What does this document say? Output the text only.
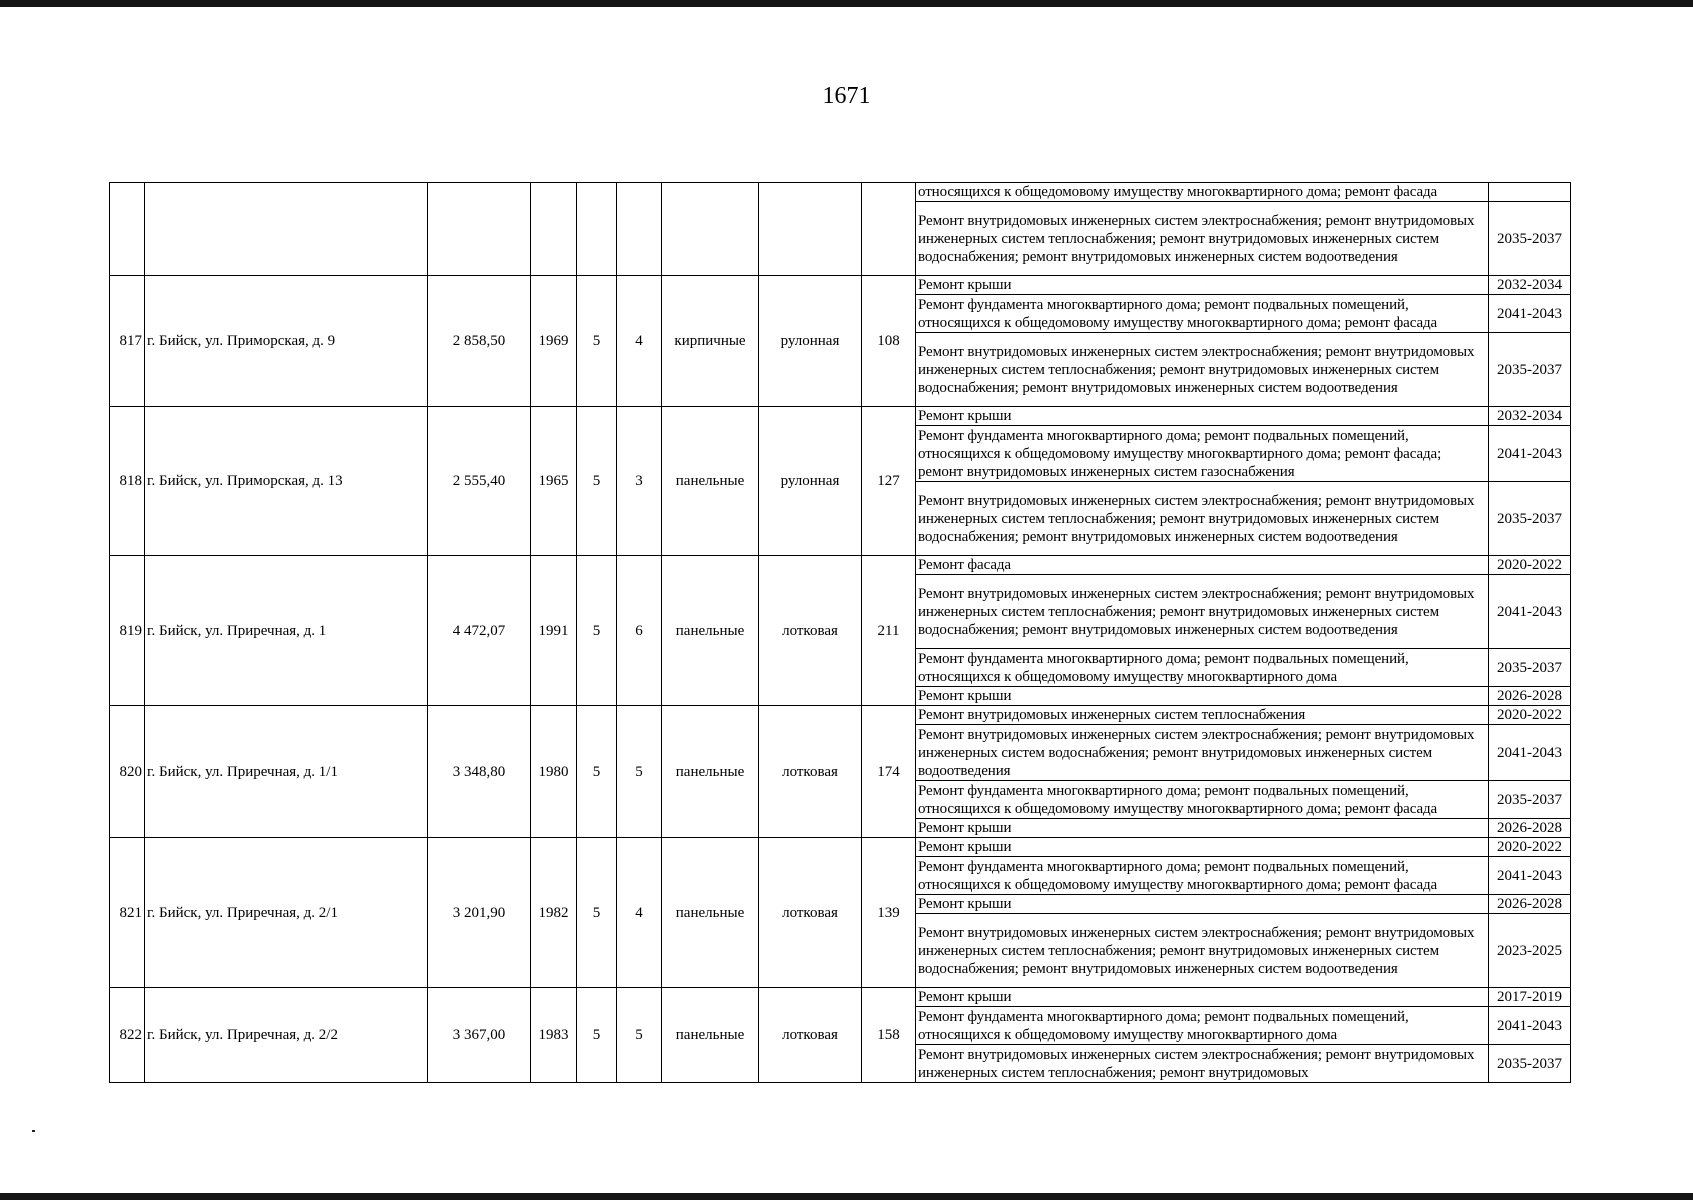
1671
									относящихся к общедомовому имуществу многоквартирного дома; ремонт фасада	
									Ремонт внутридомовых инженерных систем электроснабжения; ремонт внутридомовых инженерных систем теплоснабжения; ремонт внутридомовых инженерных систем водоснабжения; ремонт внутридомовых инженерных систем водоотведения	2035-2037
817	г. Бийск, ул. Приморская, д. 9	2 858,50	1969	5	4	кирпичные	рулонная	108	Ремонт крыши	2032-2034
									Ремонт фундамента многоквартирного дома; ремонт подвальных помещений, относящихся к общедомовому имуществу многоквартирного дома; ремонт фасада	2041-2043
									Ремонт внутридомовых инженерных систем электроснабжения; ремонт внутридомовых инженерных систем теплоснабжения; ремонт внутридомовых инженерных систем водоснабжения; ремонт внутридомовых инженерных систем водоотведения	2035-2037
818	г. Бийск, ул. Приморская, д. 13	2 555,40	1965	5	3	панельные	рулонная	127	Ремонт крыши	2032-2034
									Ремонт фундамента многоквартирного дома; ремонт подвальных помещений, относящихся к общедомовому имуществу многоквартирного дома; ремонт фасада; ремонт внутридомовых инженерных систем газоснабжения	2041-2043
									Ремонт внутридомовых инженерных систем электроснабжения; ремонт внутридомовых инженерных систем теплоснабжения; ремонт внутридомовых инженерных систем водоснабжения; ремонт внутридомовых инженерных систем водоотведения	2035-2037
819	г. Бийск, ул. Приречная, д. 1	4 472,07	1991	5	6	панельные	лотковая	211	Ремонт фасада	2020-2022
									Ремонт внутридомовых инженерных систем электроснабжения; ремонт внутридомовых инженерных систем теплоснабжения; ремонт внутридомовых инженерных систем водоснабжения; ремонт внутридомовых инженерных систем водоотведения	2041-2043
									Ремонт фундамента многоквартирного дома; ремонт подвальных помещений, относящихся к общедомовому имуществу многоквартирного дома	2035-2037
									Ремонт крыши	2026-2028
820	г. Бийск, ул. Приречная, д. 1/1	3 348,80	1980	5	5	панельные	лотковая	174	Ремонт внутридомовых инженерных систем теплоснабжения	2020-2022
									Ремонт внутридомовых инженерных систем электроснабжения; ремонт внутридомовых инженерных систем водоснабжения; ремонт внутридомовых инженерных систем водоотведения	2041-2043
									Ремонт фундамента многоквартирного дома; ремонт подвальных помещений, относящихся к общедомовому имуществу многоквартирного дома; ремонт фасада	2035-2037
									Ремонт крыши	2026-2028
821	г. Бийск, ул. Приречная, д. 2/1	3 201,90	1982	5	4	панельные	лотковая	139	Ремонт крыши	2020-2022
									Ремонт фундамента многоквартирного дома; ремонт подвальных помещений, относящихся к общедомовому имуществу многоквартирного дома; ремонт фасада	2041-2043
									Ремонт крыши	2026-2028
									Ремонт внутридомовых инженерных систем электроснабжения; ремонт внутридомовых инженерных систем теплоснабжения; ремонт внутридомовых инженерных систем водоснабжения; ремонт внутридомовых инженерных систем водоотведения	2023-2025
822	г. Бийск, ул. Приречная, д. 2/2	3 367,00	1983	5	5	панельные	лотковая	158	Ремонт крыши	2017-2019
									Ремонт фундамента многоквартирного дома; ремонт подвальных помещений, относящихся к общедомовому имуществу многоквартирного дома	2041-2043
									Ремонт внутридомовых инженерных систем электроснабжения; ремонт внутридомовых инженерных систем теплоснабжения; ремонт внутридомовых	2035-2037
